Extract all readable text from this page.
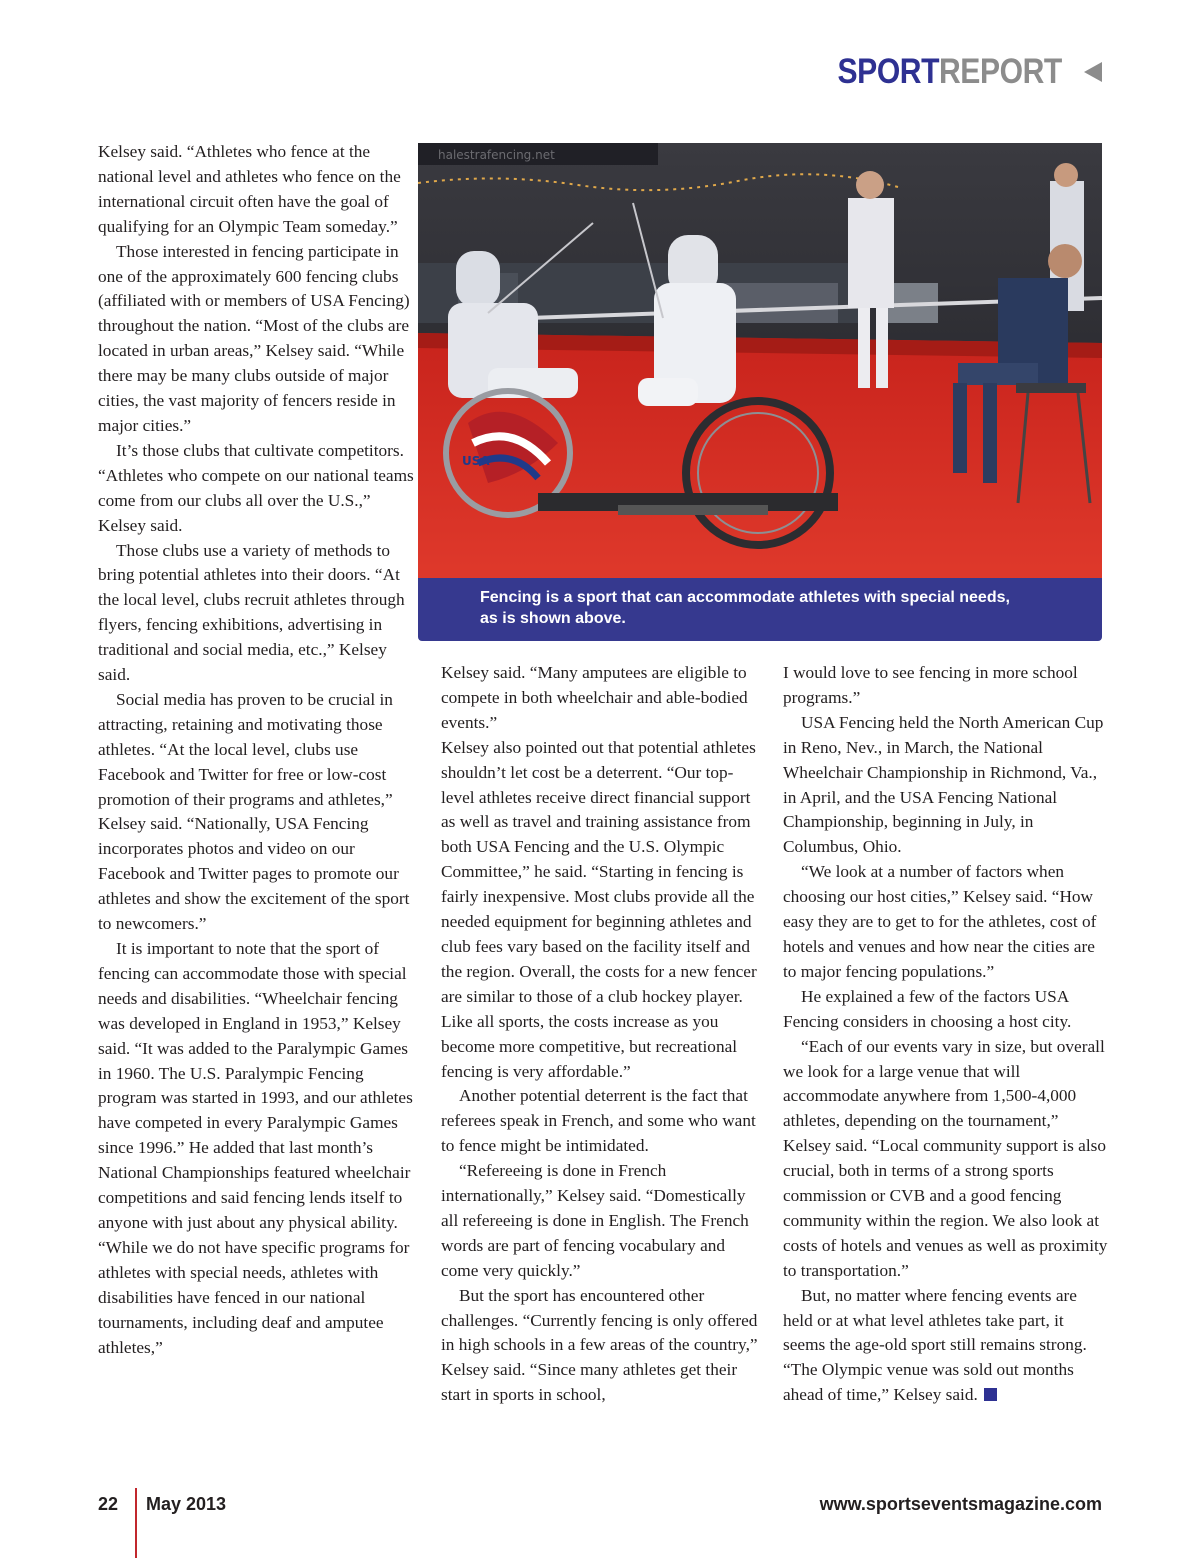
SPORT REPORT

Kelsey said. “Athletes who fence at the national level and athletes who fence on the international circuit often have the goal of qualifying for an Olympic Team someday.”

Those interested in fencing participate in one of the approximately 600 fencing clubs (affiliated with or members of USA Fencing) throughout the nation. “Most of the clubs are located in urban areas,” Kelsey said. “While there may be many clubs outside of major cities, the vast majority of fencers reside in major cities.”

It’s those clubs that cultivate competitors. “Athletes who compete on our national teams come from our clubs all over the U.S.,” Kelsey said.

Those clubs use a variety of methods to bring potential athletes into their doors. “At the local level, clubs recruit athletes through flyers, fencing exhibitions, advertising in traditional and social media, etc.,” Kelsey said.

Social media has proven to be crucial in attracting, retaining and motivating those athletes. “At the local level, clubs use Facebook and Twitter for free or low-cost promotion of their programs and athletes,” Kelsey said. “Nationally, USA Fencing incorporates photos and video on our Facebook and Twitter pages to promote our athletes and show the excitement of the sport to newcomers.”

It is important to note that the sport of fencing can accommodate those with special needs and disabilities. “Wheelchair fencing was developed in England in 1953,” Kelsey said. “It was added to the Paralympic Games in 1960. The U.S. Paralympic Fencing program was started in 1993, and our athletes have competed in every Paralympic Games since 1996.” He added that last month’s National Championships featured wheelchair competitions and said fencing lends itself to anyone with just about any physical ability. “While we do not have specific programs for athletes with special needs, athletes with disabilities have fenced in our national tournaments, including deaf and amputee athletes,”

halestrafencing.net
USA
Fencing is a sport that can accommodate athletes with special needs,
as is shown above.

Kelsey said. “Many amputees are eligible to compete in both wheelchair and able-bodied events.”

Kelsey also pointed out that potential athletes shouldn’t let cost be a deterrent. “Our top-level athletes receive direct financial support as well as travel and training assistance from both USA Fencing and the U.S. Olympic Committee,” he said. “Starting in fencing is fairly inexpensive. Most clubs provide all the needed equipment for beginning athletes and club fees vary based on the facility itself and the region. Overall, the costs for a new fencer are similar to those of a club hockey player. Like all sports, the costs increase as you become more competitive, but recreational fencing is very affordable.”

Another potential deterrent is the fact that referees speak in French, and some who want to fence might be intimidated.

“Refereeing is done in French internationally,” Kelsey said. “Domestically all refereeing is done in English. The French words are part of fencing vocabulary and come very quickly.”

But the sport has encountered other challenges. “Currently fencing is only offered in high schools in a few areas of the country,” Kelsey said. “Since many athletes get their start in sports in school,

I would love to see fencing in more school programs.”

USA Fencing held the North American Cup in Reno, Nev., in March, the National Wheelchair Championship in Richmond, Va., in April, and the USA Fencing National Championship, beginning in July, in Columbus, Ohio.

“We look at a number of factors when choosing our host cities,” Kelsey said. “How easy they are to get to for the athletes, cost of hotels and venues and how near the cities are to major fencing populations.”

He explained a few of the factors USA Fencing considers in choosing a host city.

“Each of our events vary in size, but overall we look for a large venue that will accommodate anywhere from 1,500-4,000 athletes, depending on the tournament,” Kelsey said. “Local community support is also crucial, both in terms of a strong sports commission or CVB and a good fencing community within the region. We also look at costs of hotels and venues as well as proximity to transportation.”

But, no matter where fencing events are held or at what level athletes take part, it seems the age-old sport still remains strong. “The Olympic venue was sold out months ahead of time,” Kelsey said.

22 May 2013	www.sportseventsmagazine.com
